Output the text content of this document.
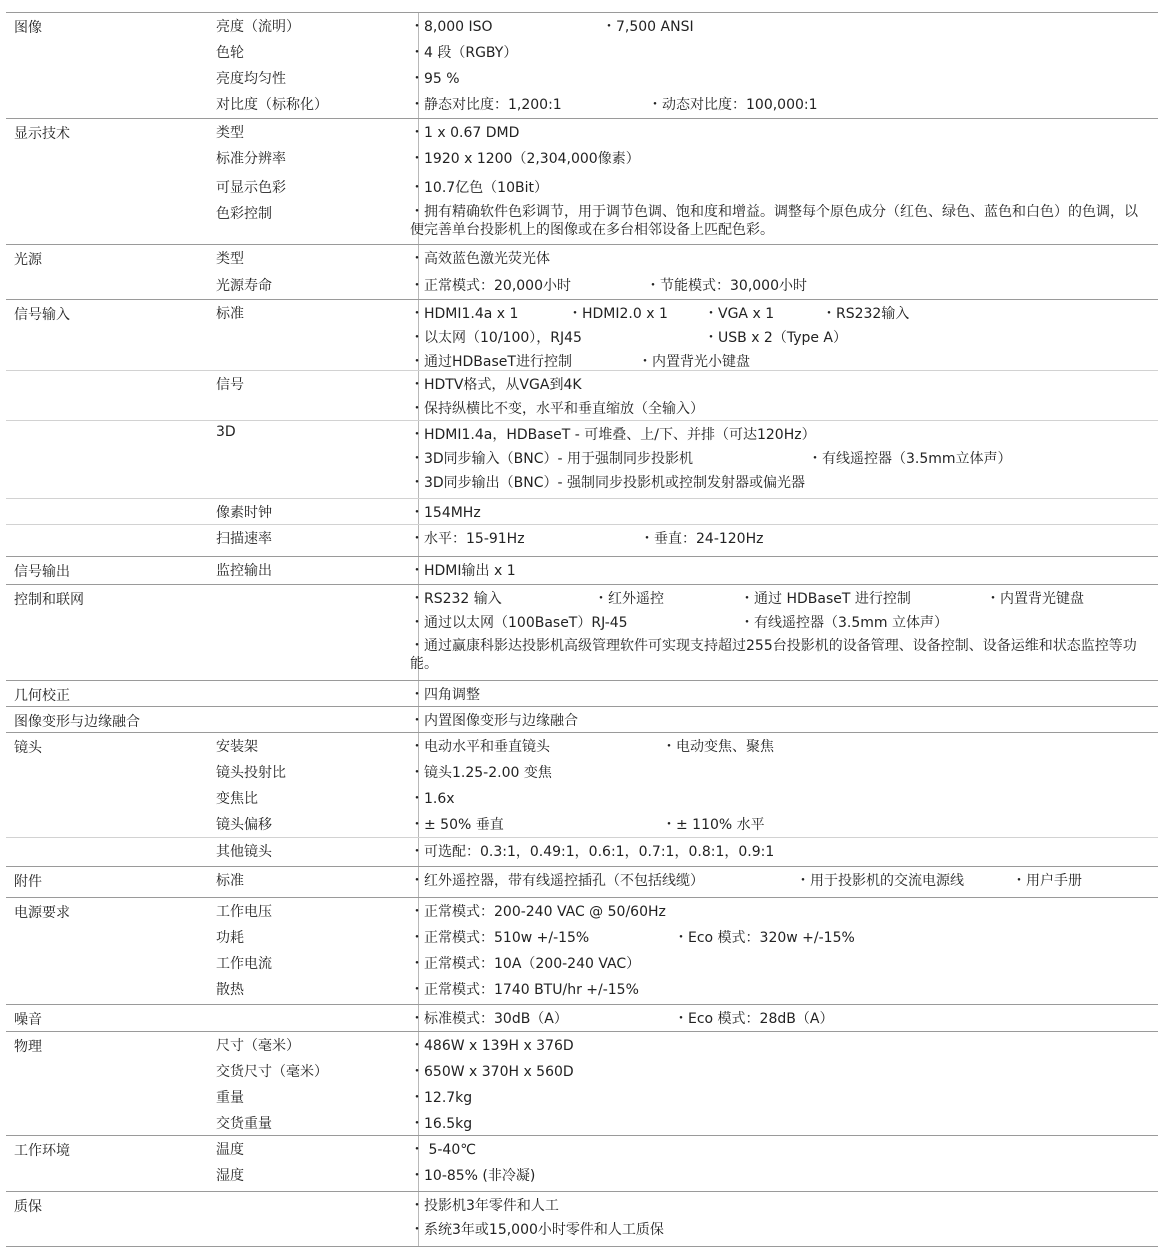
图像	亮度（流明）	・8,000 ISO	・7,500 ANSI
色轮	・4 段（RGBY）
亮度均匀性	・95 %
对比度（标称化）	・静态对比度：1,200:1	・动态对比度：100,000:1
显示技术	类型	・1 x 0.67 DMD
标准分辨率	・1920 x 1200（2,304,000像素）
可显示色彩	・10.7亿色（10Bit）
色彩控制	・拥有精确软件色彩调节，用于调节色调、饱和度和增益。调整每个原色成分（红色、绿色、蓝色和白色）的色调，以便完善单台投影机上的图像或在多台相邻设备上匹配色彩。
光源	类型	・高效蓝色激光荧光体
光源寿命	・正常模式：20,000小时	・节能模式：30,000小时
信号输入	标准	・HDMI1.4a x 1	・HDMI2.0 x 1	・VGA x 1	・RS232输入
・以太网（10/100），RJ45	・USB x 2（Type A）
・通过HDBaseT进行控制	・内置背光小键盘
信号	・HDTV格式，从VGA到4K
・保持纵横比不变，水平和垂直缩放（全输入）
3D	・HDMI1.4a，HDBaseT - 可堆叠、上/下、并排（可达120Hz）
・3D同步输入（BNC）- 用于强制同步投影机	・有线遥控器（3.5mm立体声）
・3D同步输出（BNC）- 强制同步投影机或控制发射器或偏光器
像素时钟	・154MHz
扫描速率	・水平：15-91Hz	・垂直：24-120Hz
信号输出	监控输出	・HDMI输出 x 1
控制和联网	・RS232 输入	・红外遥控	・通过 HDBaseT 进行控制	・内置背光键盘
・通过以太网（100BaseT）RJ-45	・有线遥控器（3.5mm 立体声）
・通过赢康科影达投影机高级管理软件可实现支持超过255台投影机的设备管理、设备控制、设备运维和状态监控等功能。
几何校正	・四角调整
图像变形与边缘融合	・内置图像变形与边缘融合
镜头	安装架	・电动水平和垂直镜头	・电动变焦、聚焦
镜头投射比	・镜头1.25-2.00 变焦
变焦比	・1.6x
镜头偏移	・± 50% 垂直	・± 110% 水平
其他镜头	・可选配：0.3:1，0.49:1，0.6:1，0.7:1，0.8:1，0.9:1
附件	标准	・红外遥控器，带有线遥控插孔（不包括线缆）	・用于投影机的交流电源线	・用户手册
电源要求	工作电压	・正常模式：200-240 VAC @ 50/60Hz
功耗	・正常模式：510w +/-15%	・Eco 模式：320w +/-15%
工作电流	・正常模式：10A（200-240 VAC）
散热	・正常模式：1740 BTU/hr +/-15%
噪音	・标准模式：30dB（A）	・Eco 模式：28dB（A）
物理	尺寸（毫米）	・486W x 139H x 376D
交货尺寸（毫米）	・650W x 370H x 560D
重量	・12.7kg
交货重量	・16.5kg
工作环境	温度	・ 5-40℃
湿度	・10-85% (非冷凝)
质保	・投影机3年零件和人工
・系统3年或15,000小时零件和人工质保
